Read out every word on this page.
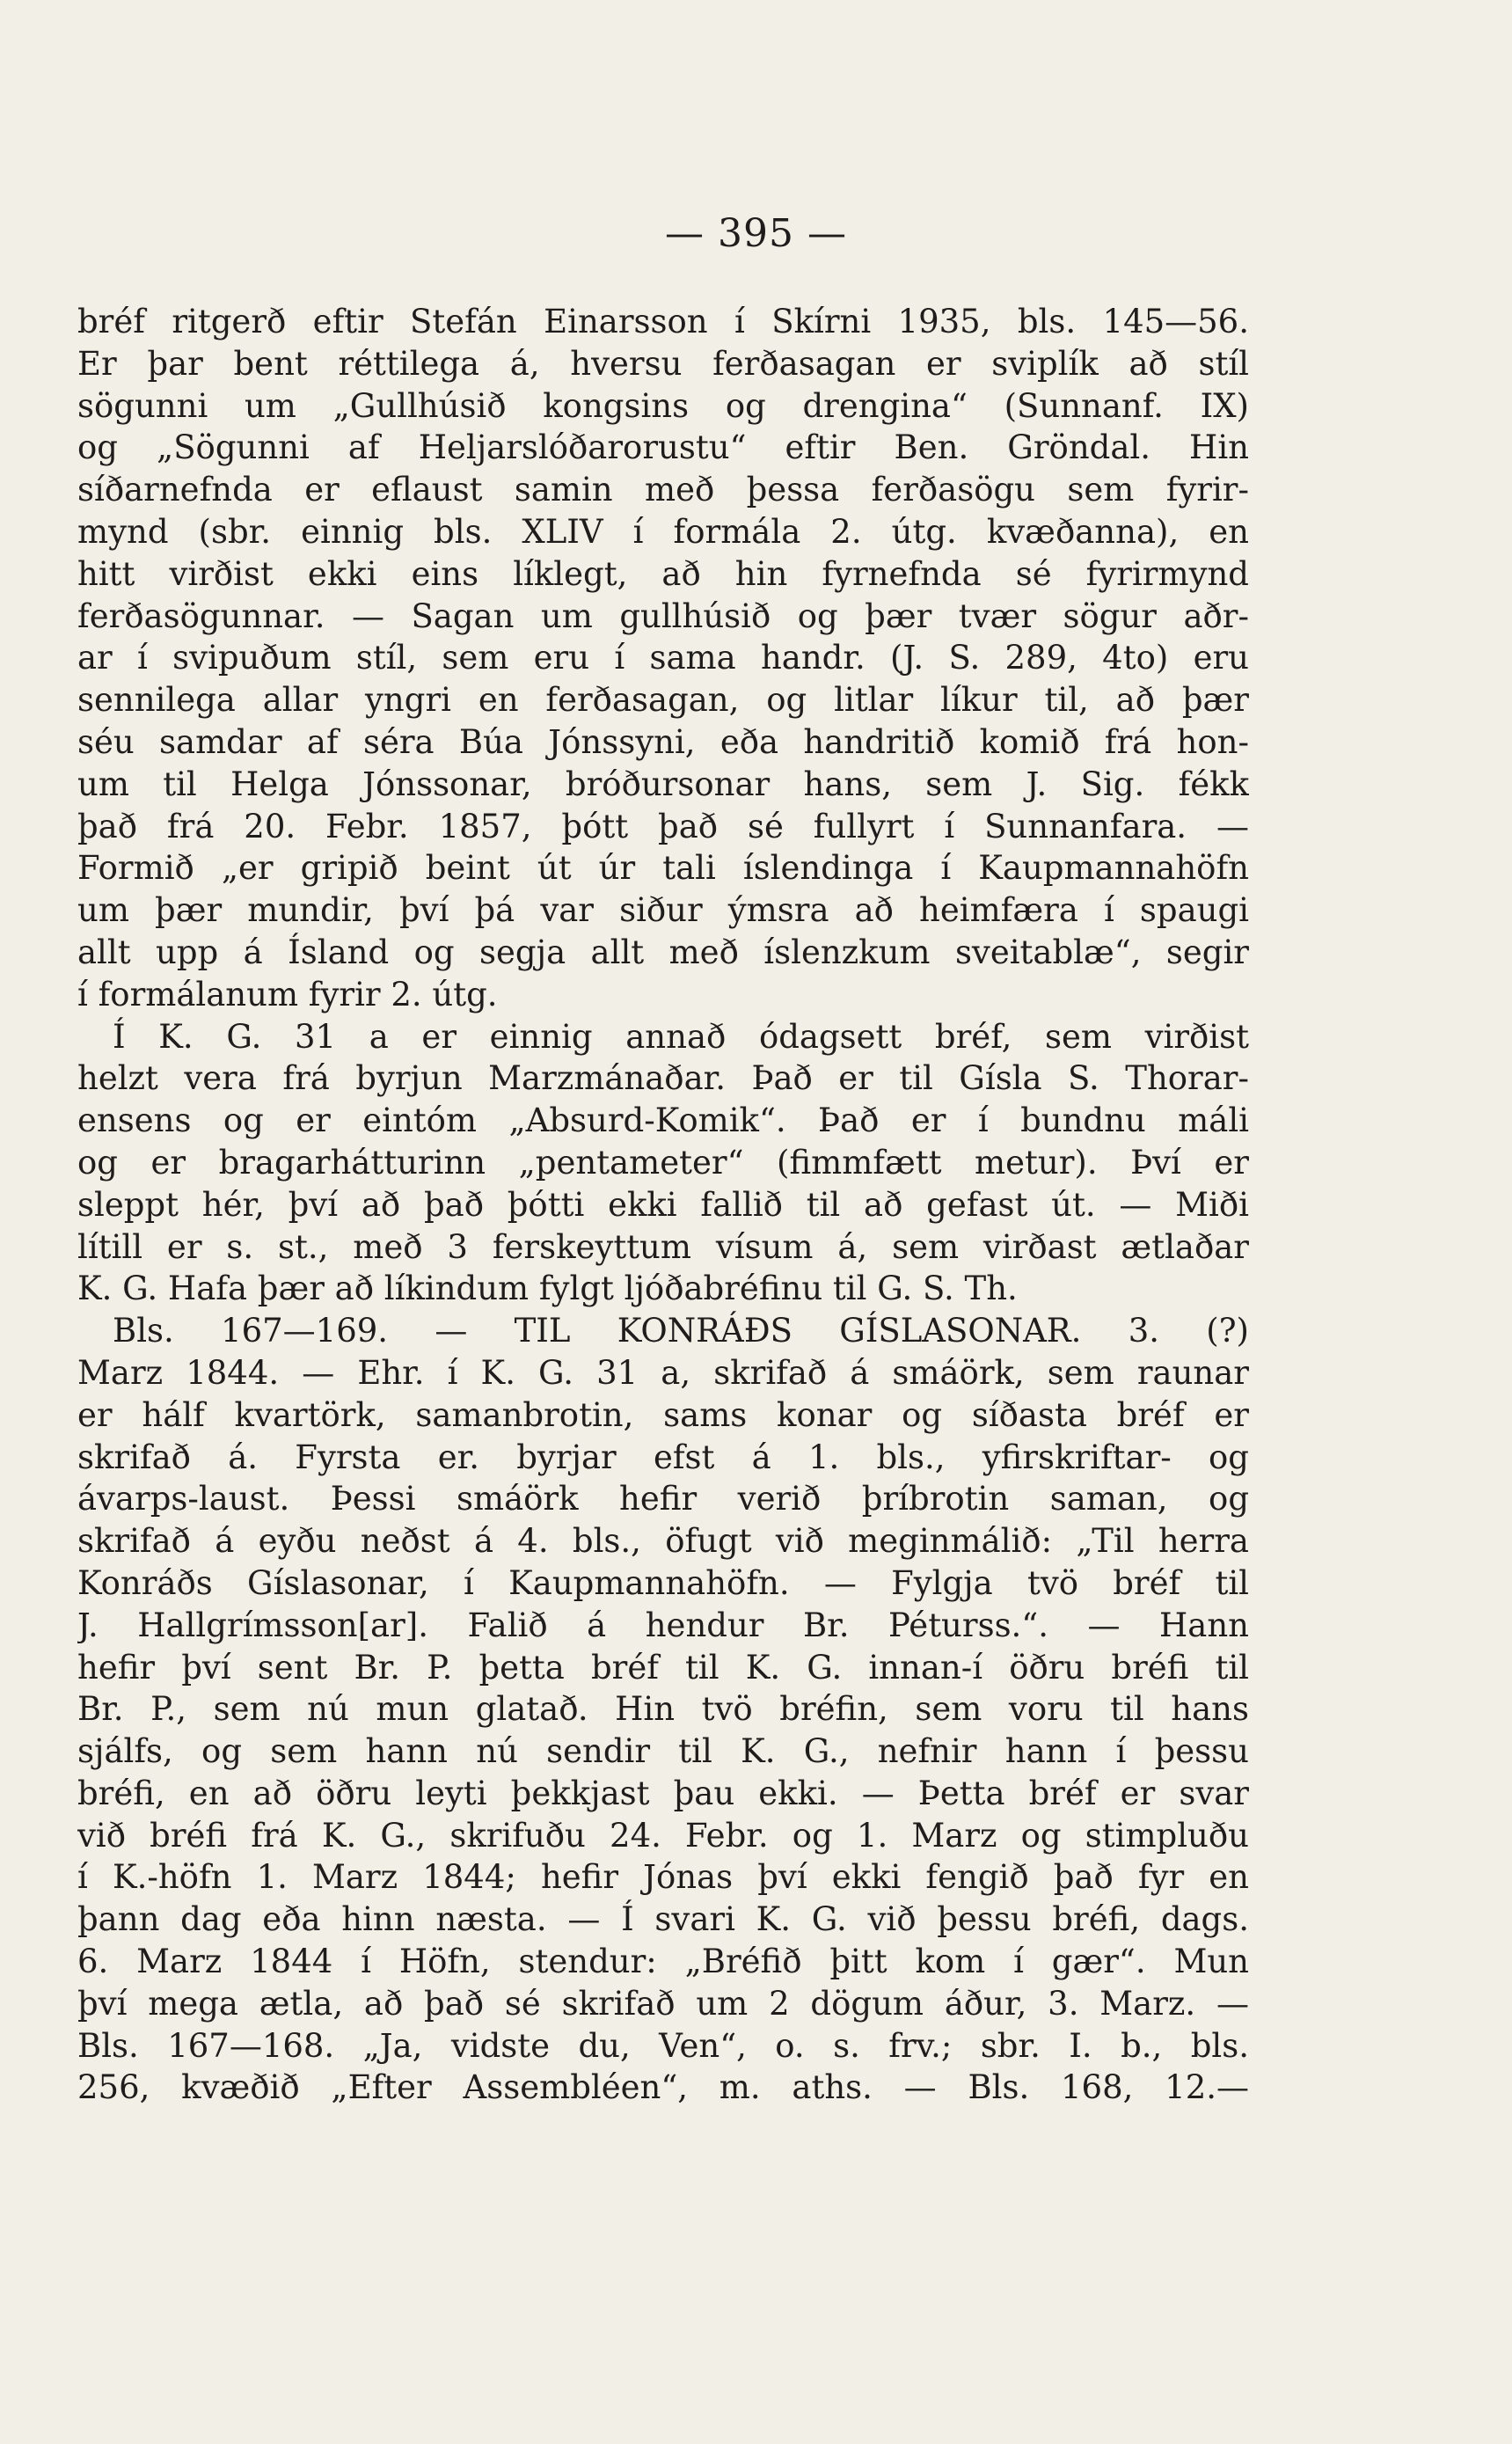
— 395 —
bréf ritgerð eftir Stefán Einarsson í Skírni 1935, bls. 145—56.
Er þar bent réttilega á, hversu ferðasagan er sviplík að stíl
sögunni um „Gullhúsið kongsins og drengina“ (Sunnanf. IX)
og „Sögunni af Heljarslóðarorustu“ eftir Ben. Gröndal. Hin
síðarnefnda er eflaust samin með þessa ferðasögu sem fyrir-
mynd (sbr. einnig bls. XLIV í formála 2. útg. kvæðanna), en
hitt virðist ekki eins líklegt, að hin fyrnefnda sé fyrirmynd
ferðasögunnar. — Sagan um gullhúsið og þær tvær sögur aðr-
ar í svipuðum stíl, sem eru í sama handr. (J. S. 289, 4to) eru
sennilega allar yngri en ferðasagan, og litlar líkur til, að þær
séu samdar af séra Búa Jónssyni, eða handritið komið frá hon-
um til Helga Jónssonar, bróðursonar hans, sem J. Sig. fékk
það frá 20. Febr. 1857, þótt það sé fullyrt í Sunnanfara. —
Formið „er gripið beint út úr tali íslendinga í Kaupmannahöfn
um þær mundir, því þá var siður ýmsra að heimfæra í spaugi
allt upp á Ísland og segja allt með íslenzkum sveitablæ“, segir
í formálanum fyrir 2. útg.
Í K. G. 31 a er einnig annað ódagsett bréf, sem virðist
helzt vera frá byrjun Marzmánaðar. Það er til Gísla S. Thorar-
ensens og er eintóm „Absurd-Komik“. Það er í bundnu máli
og er bragarhátturinn „pentameter“ (fimmfætt metur). Því er
sleppt hér, því að það þótti ekki fallið til að gefast út. — Miði
lítill er s. st., með 3 ferskeyttum vísum á, sem virðast ætlaðar
K. G. Hafa þær að líkindum fylgt ljóðabréfinu til G. S. Th.
Bls. 167—169. — TIL KONRÁÐS GÍSLASONAR. 3. (?)
Marz 1844. — Ehr. í K. G. 31 a, skrifað á smáörk, sem raunar
er hálf kvartörk, samanbrotin, sams konar og síðasta bréf er
skrifað á. Fyrsta er. byrjar efst á 1. bls., yfirskriftar- og
ávarps-laust. Þessi smáörk hefir verið þríbrotin saman, og
skrifað á eyðu neðst á 4. bls., öfugt við meginmálið: „Til herra
Konráðs Gíslasonar, í Kaupmannahöfn. — Fylgja tvö bréf til
J. Hallgrímsson[ar]. Falið á hendur Br. Péturss.“. — Hann
hefir því sent Br. P. þetta bréf til K. G. innan-í öðru bréfi til
Br. P., sem nú mun glatað. Hin tvö bréfin, sem voru til hans
sjálfs, og sem hann nú sendir til K. G., nefnir hann í þessu
bréfi, en að öðru leyti þekkjast þau ekki. — Þetta bréf er svar
við bréfi frá K. G., skrifuðu 24. Febr. og 1. Marz og stimpluðu
í K.-höfn 1. Marz 1844; hefir Jónas því ekki fengið það fyr en
þann dag eða hinn næsta. — Í svari K. G. við þessu bréfi, dags.
6. Marz 1844 í Höfn, stendur: „Bréfið þitt kom í gær“. Mun
því mega ætla, að það sé skrifað um 2 dögum áður, 3. Marz. —
Bls. 167—168. „Ja, vidste du, Ven“, o. s. frv.; sbr. I. b., bls.
256, kvæðið „Efter Assembléen“, m. aths. — Bls. 168, 12.—
